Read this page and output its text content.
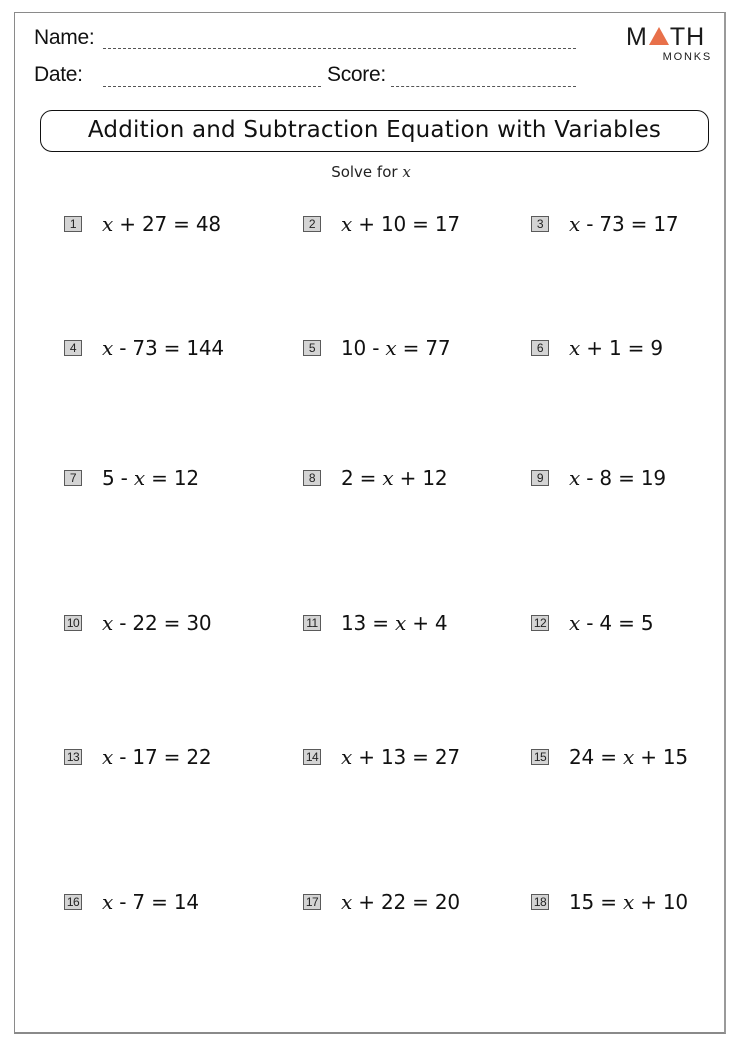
Name:
Date:	Score:
M TH
MONKS
Addition and Subtraction Equation with Variables
Solve for x
1 x + 27 = 48	2 x + 10 = 17	3 x - 73 = 17
4 x - 73 = 144	5 10 - x = 77	6 x + 1 = 9
7 5 - x = 12	8 2 = x + 12	9 x - 8 = 19
10 x - 22 = 30	11 13 = x + 4	12 x - 4 = 5
13 x - 17 = 22	14 x + 13 = 27	15 24 = x + 15
16 x - 7 = 14	17 x + 22 = 20	18 15 = x + 10
